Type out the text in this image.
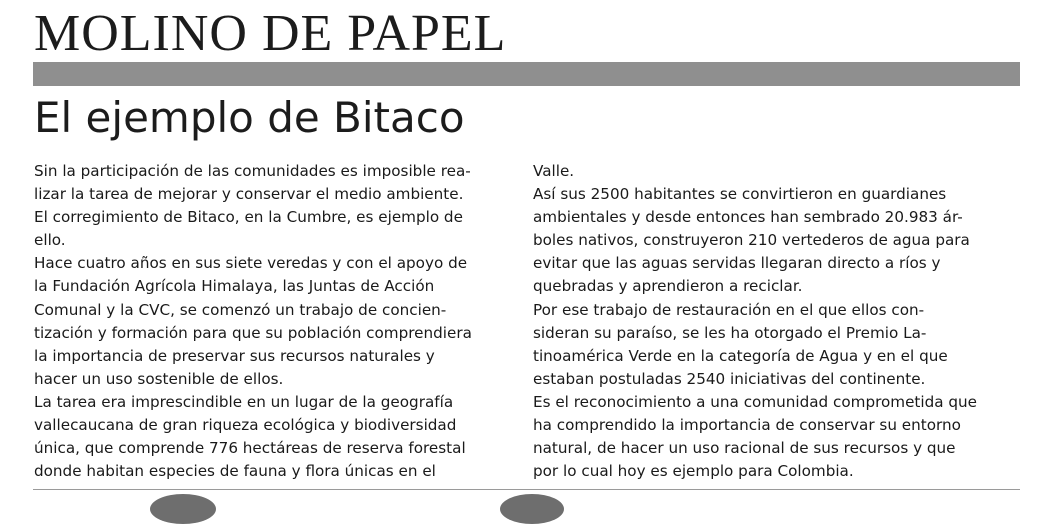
MOLINO DE PAPEL
El ejemplo de Bitaco
Sin la participación de las comunidades es imposible rea-
lizar la tarea de mejorar y conservar el medio ambiente.
El corregimiento de Bitaco, en la Cumbre, es ejemplo de
ello.
Hace cuatro años en sus siete veredas y con el apoyo de
la Fundación Agrícola Himalaya, las Juntas de Acción
Comunal y la CVC, se comenzó un trabajo de concien-
tización y formación para que su población comprendiera
la importancia de preservar sus recursos naturales y
hacer un uso sostenible de ellos.
La tarea era imprescindible en un lugar de la geografía
vallecaucana de gran riqueza ecológica y biodiversidad
única, que comprende 776 hectáreas de reserva forestal
donde habitan especies de fauna y flora únicas en el
Valle.
Así sus 2500 habitantes se convirtieron en guardianes
ambientales y desde entonces han sembrado 20.983 ár-
boles nativos, construyeron 210 vertederos de agua para
evitar que las aguas servidas llegaran directo a ríos y
quebradas y aprendieron a reciclar.
Por ese trabajo de restauración en el que ellos con-
sideran su paraíso, se les ha otorgado el Premio La-
tinoamérica Verde en la categoría de Agua y en el que
estaban postuladas 2540 iniciativas del continente.
Es el reconocimiento a una comunidad comprometida que
ha comprendido la importancia de conservar su entorno
natural, de hacer un uso racional de sus recursos y que
por lo cual hoy es ejemplo para Colombia.
